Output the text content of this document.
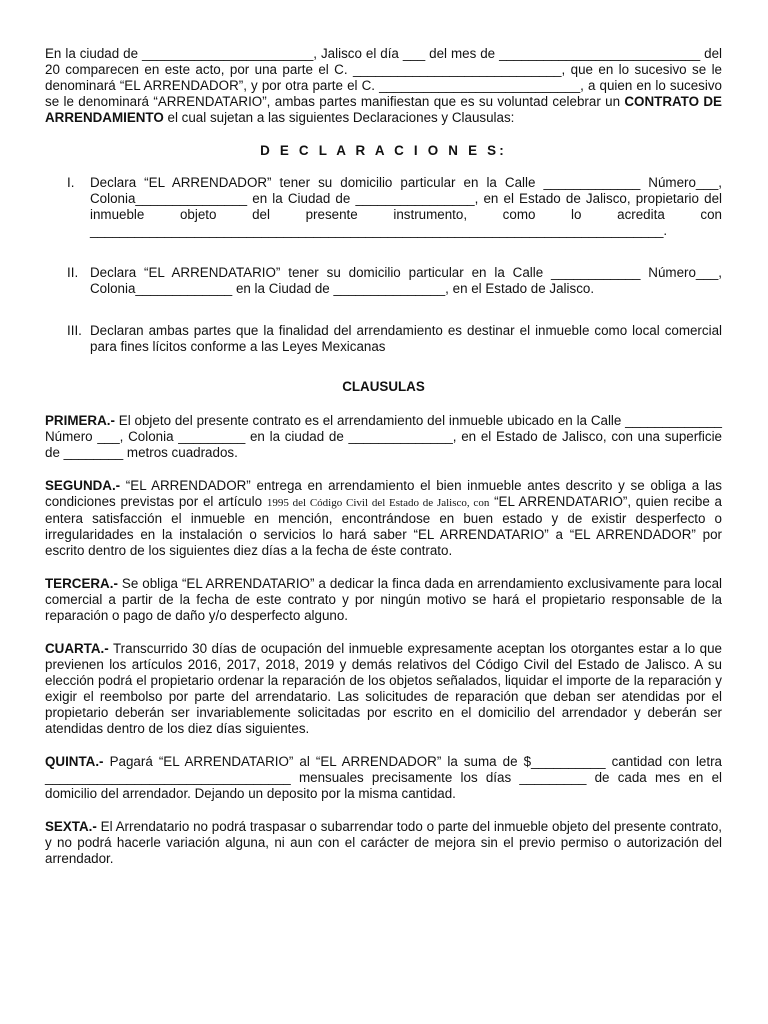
En la ciudad de _______________________, Jalisco el día ___ del mes de ___________________________ del 20 comparecen en este acto, por una parte el C. ____________________________, que en lo sucesivo se le denominará “EL ARRENDADOR”, y por otra parte el C. ___________________________, a quien en lo sucesivo se le denominará “ARRENDATARIO”, ambas partes manifiestan que es su voluntad celebrar un CONTRATO DE ARRENDAMIENTO el cual sujetan a las siguientes Declaraciones y Clausulas:

D E C L A R A C I O N E S:
I.	Declara “EL ARRENDADOR” tener su domicilio particular en la Calle _____________ Número___, Colonia_______________ en la Ciudad de ________________, en el Estado de Jalisco, propietario del inmueble objeto del presente instrumento, como lo acredita con _____________________________________________________________________________.
II. Declara “EL ARRENDATARIO” tener su domicilio particular en la Calle ____________ Número___, Colonia_____________ en la Ciudad de _______________, en el Estado de Jalisco.
III. Declaran ambas partes que la finalidad del arrendamiento es destinar el inmueble como local comercial para fines lícitos conforme a las Leyes Mexicanas
CLAUSULAS

PRIMERA.- El objeto del presente contrato es el arrendamiento del inmueble ubicado en la Calle _____________ Número ___, Colonia _________ en la ciudad de ______________, en el Estado de Jalisco, con una superficie de ________ metros cuadrados.

SEGUNDA.- “EL ARRENDADOR” entrega en arrendamiento el bien inmueble antes descrito y se obliga a las condiciones previstas por el artículo 1995 del Código Civil del Estado de Jalisco, con “EL ARRENDATARIO”, quien recibe a entera satisfacción el inmueble en mención, encontrándose en buen estado y de existir desperfecto o irregularidades en la instalación o servicios lo hará saber “EL ARRENDATARIO” a “EL ARRENDADOR” por escrito dentro de los siguientes diez días a la fecha de éste contrato.

TERCERA.- Se obliga “EL ARRENDATARIO” a dedicar la finca dada en arrendamiento exclusivamente para local comercial a partir de la fecha de este contrato y por ningún motivo se hará el propietario responsable de la reparación o pago de daño y/o desperfecto alguno.

CUARTA.- Transcurrido 30 días de ocupación del inmueble expresamente aceptan los otorgantes estar a lo que previenen los artículos 2016, 2017, 2018, 2019 y demás relativos del Código Civil del Estado de Jalisco. A su elección podrá el propietario ordenar la reparación de los objetos señalados, liquidar el importe de la reparación y exigir el reembolso por parte del arrendatario. Las solicitudes de reparación que deban ser atendidas por el propietario deberán ser invariablemente solicitadas por escrito en el domicilio del arrendador y deberán ser atendidas dentro de los diez días siguientes.

QUINTA.- Pagará “EL ARRENDATARIO” al “EL ARRENDADOR” la suma de $__________ cantidad con letra _________________________________ mensuales precisamente los días _________ de cada mes en el domicilio del arrendador. Dejando un deposito por la misma cantidad.

SEXTA.- El Arrendatario no podrá traspasar o subarrendar todo o parte del inmueble objeto del presente contrato, y no podrá hacerle variación alguna, ni aun con el carácter de mejora sin el previo permiso o autorización del arrendador.
